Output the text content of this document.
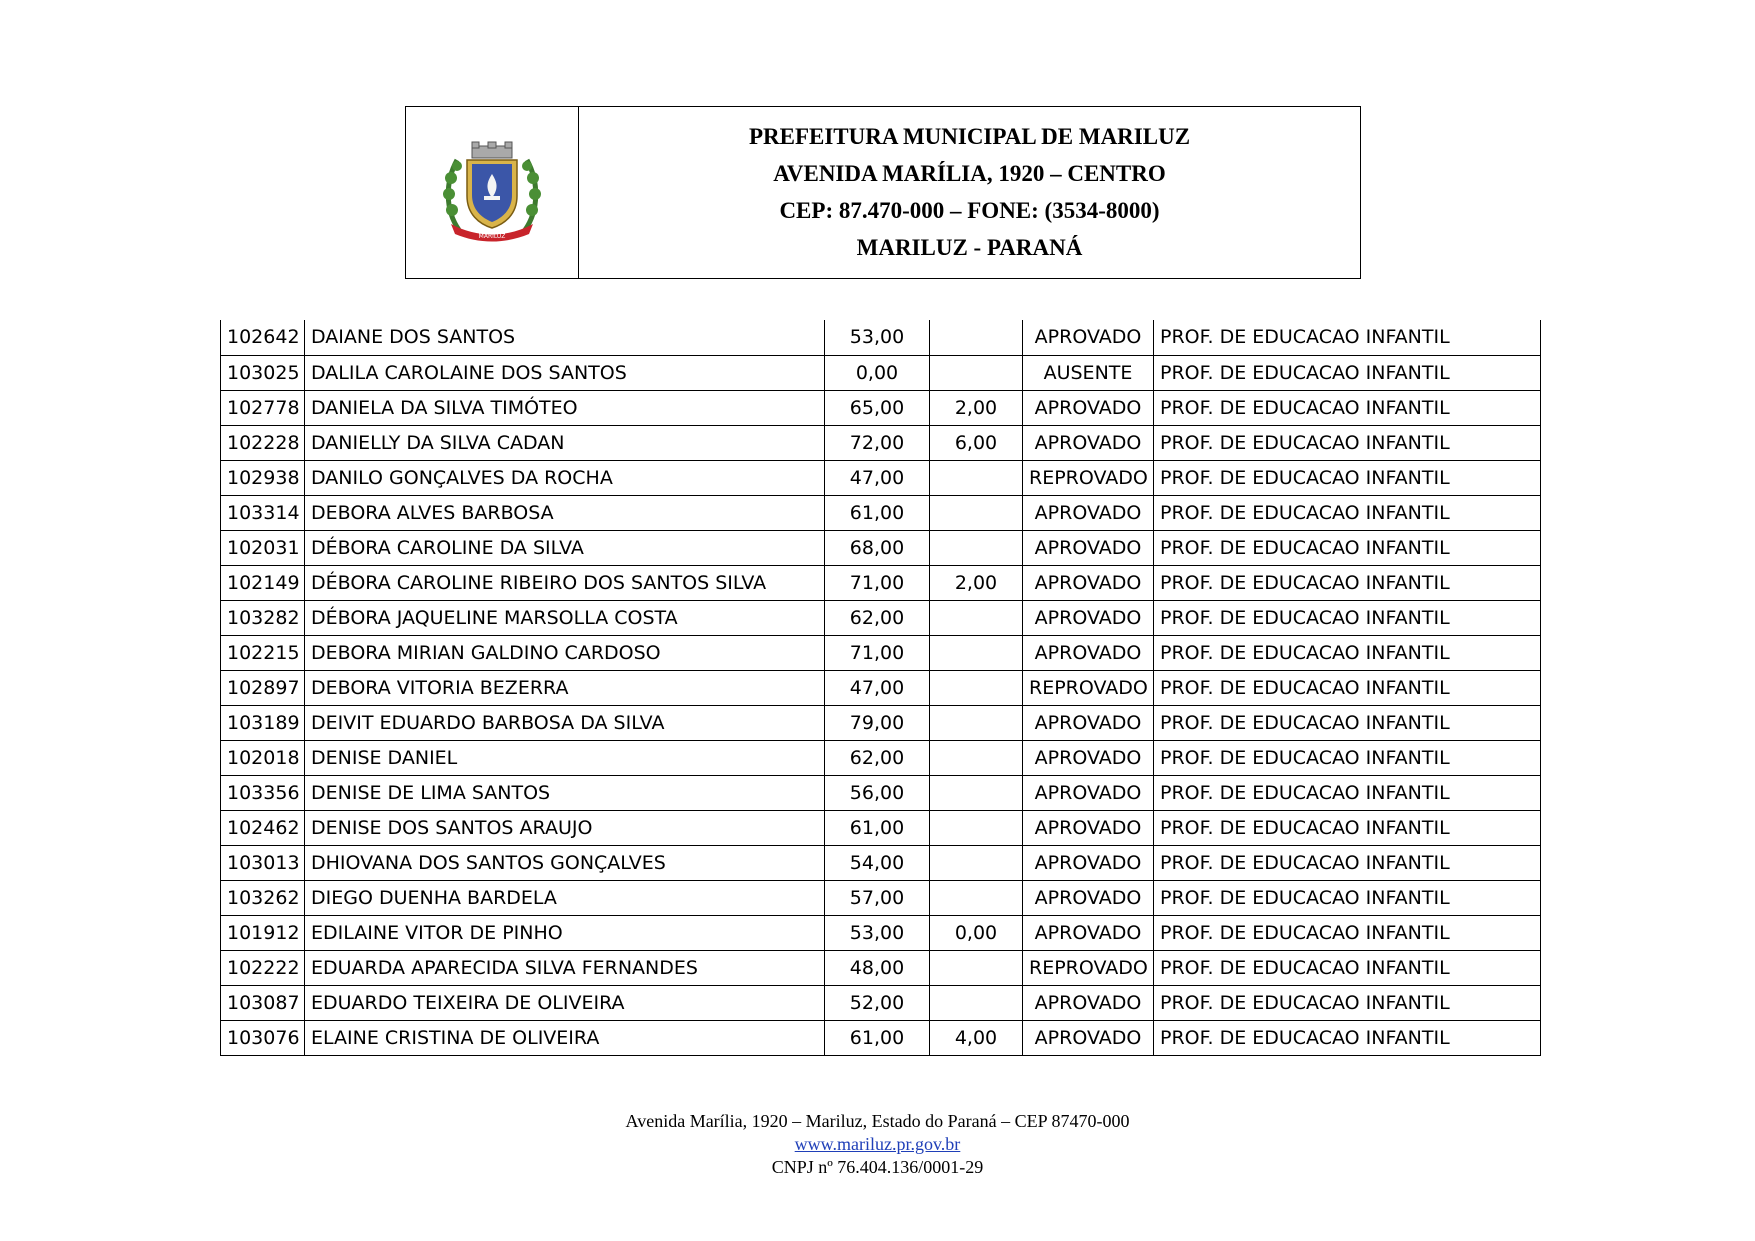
MARILUZ
PREFEITURA MUNICIPAL DE MARILUZ
AVENIDA MARÍLIA, 1920 – CENTRO
CEP: 87.470-000 – FONE: (3534-8000)
MARILUZ - PARANÁ
102642	DAIANE DOS SANTOS	53,00		APROVADO	PROF. DE EDUCACAO INFANTIL
103025	DALILA CAROLAINE DOS SANTOS	0,00		AUSENTE	PROF. DE EDUCACAO INFANTIL
102778	DANIELA DA SILVA TIMÓTEO	65,00	2,00	APROVADO	PROF. DE EDUCACAO INFANTIL
102228	DANIELLY DA SILVA CADAN	72,00	6,00	APROVADO	PROF. DE EDUCACAO INFANTIL
102938	DANILO GONÇALVES DA ROCHA	47,00		REPROVADO	PROF. DE EDUCACAO INFANTIL
103314	DEBORA ALVES BARBOSA	61,00		APROVADO	PROF. DE EDUCACAO INFANTIL
102031	DÉBORA CAROLINE DA SILVA	68,00		APROVADO	PROF. DE EDUCACAO INFANTIL
102149	DÉBORA CAROLINE RIBEIRO DOS SANTOS SILVA	71,00	2,00	APROVADO	PROF. DE EDUCACAO INFANTIL
103282	DÉBORA JAQUELINE MARSOLLA COSTA	62,00		APROVADO	PROF. DE EDUCACAO INFANTIL
102215	DEBORA MIRIAN GALDINO CARDOSO	71,00		APROVADO	PROF. DE EDUCACAO INFANTIL
102897	DEBORA VITORIA BEZERRA	47,00		REPROVADO	PROF. DE EDUCACAO INFANTIL
103189	DEIVIT EDUARDO BARBOSA DA SILVA	79,00		APROVADO	PROF. DE EDUCACAO INFANTIL
102018	DENISE DANIEL	62,00		APROVADO	PROF. DE EDUCACAO INFANTIL
103356	DENISE DE LIMA SANTOS	56,00		APROVADO	PROF. DE EDUCACAO INFANTIL
102462	DENISE DOS SANTOS ARAUJO	61,00		APROVADO	PROF. DE EDUCACAO INFANTIL
103013	DHIOVANA DOS SANTOS GONÇALVES	54,00		APROVADO	PROF. DE EDUCACAO INFANTIL
103262	DIEGO DUENHA BARDELA	57,00		APROVADO	PROF. DE EDUCACAO INFANTIL
101912	EDILAINE VITOR DE PINHO	53,00	0,00	APROVADO	PROF. DE EDUCACAO INFANTIL
102222	EDUARDA APARECIDA SILVA FERNANDES	48,00		REPROVADO	PROF. DE EDUCACAO INFANTIL
103087	EDUARDO TEIXEIRA DE OLIVEIRA	52,00		APROVADO	PROF. DE EDUCACAO INFANTIL
103076	ELAINE CRISTINA DE OLIVEIRA	61,00	4,00	APROVADO	PROF. DE EDUCACAO INFANTIL
Avenida Marília, 1920 – Mariluz, Estado do Paraná – CEP 87470-000
www.mariluz.pr.gov.br
CNPJ nº 76.404.136/0001-29
